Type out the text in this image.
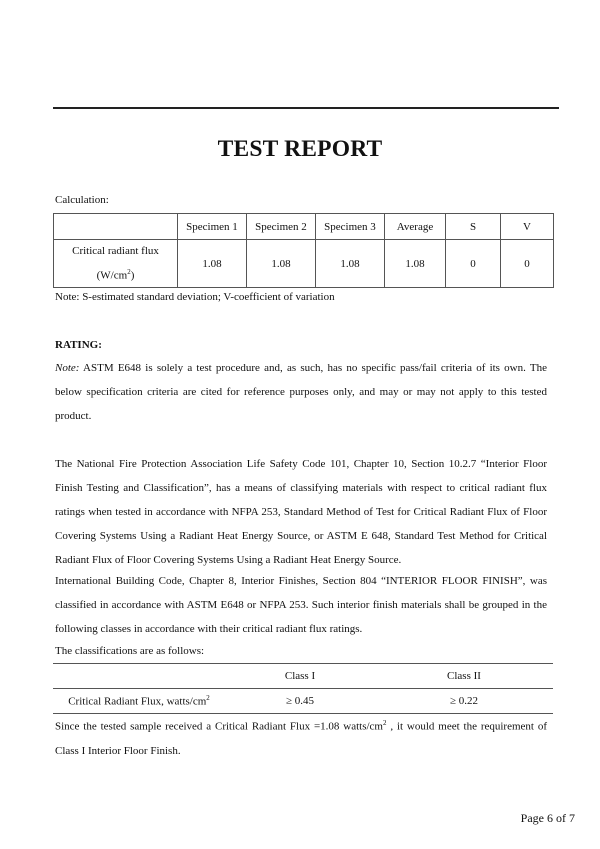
TEST REPORT
Calculation:
	Specimen 1	Specimen 2	Specimen 3	Average	S	V

Critical radiant flux
$(W/cm^2)$	1.08	1.08	1.08	1.08	0	0
Note: S-estimated standard deviation; V-coefficient of variation
RATING:

Note: ASTM E648 is solely a test procedure and, as such, has no specific pass/fail criteria of its own. The below specification criteria are cited for reference purposes only, and may or may not apply to this tested product.

The National Fire Protection Association Life Safety Code 101, Chapter 10, Section 10.2.7 “Interior Floor Finish Testing and Classification”, has a means of classifying materials with respect to critical radiant flux ratings when tested in accordance with NFPA 253, Standard Method of Test for Critical Radiant Flux of Floor Covering Systems Using a Radiant Heat Energy Source, or ASTM E 648, Standard Test Method for Critical Radiant Flux of Floor Covering Systems Using a Radiant Heat Energy Source.

International Building Code, Chapter 8, Interior Finishes, Section 804 “INTERIOR FLOOR FINISH”, was classified in accordance with ASTM E648 or NFPA 253. Such interior finish materials shall be grouped in the following classes in accordance with their critical radiant flux ratings.

The classifications are as follows:
	Class I	Class II
Critical Radiant Flux, watts/$cm^2$	≥ 0.45	≥ 0.22

Since the tested sample received a Critical Radiant Flux =1.08 watts/$cm^2$ , it would meet the requirement of Class I Interior Floor Finish.

Page 6 of 7
